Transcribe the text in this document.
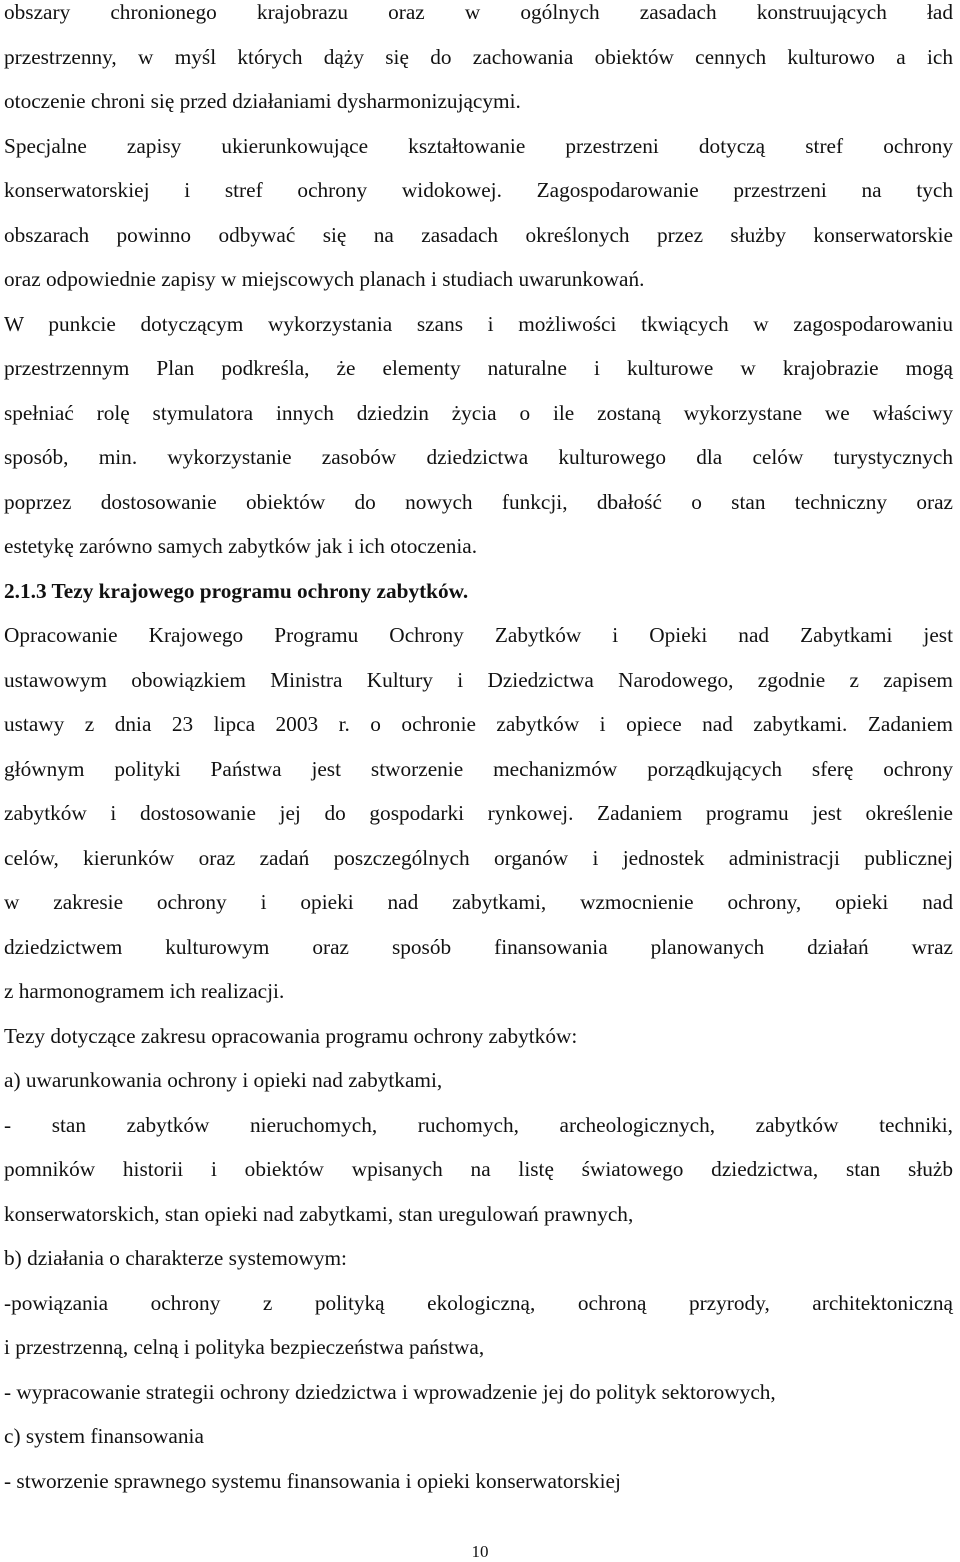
obszary chronionego krajobrazu oraz w ogólnych zasadach konstruujących ład
przestrzenny, w myśl których dąży się do zachowania obiektów cennych kulturowo a ich
otoczenie chroni się przed działaniami dysharmonizującymi.
Specjalne zapisy ukierunkowujące kształtowanie przestrzeni dotyczą stref ochrony
konserwatorskiej i stref ochrony widokowej. Zagospodarowanie przestrzeni na tych
obszarach powinno odbywać się na zasadach określonych przez służby konserwatorskie
oraz odpowiednie zapisy w miejscowych planach i studiach uwarunkowań.
W punkcie dotyczącym wykorzystania szans i możliwości tkwiących w zagospodarowaniu
przestrzennym Plan podkreśla, że elementy naturalne i kulturowe w krajobrazie mogą
spełniać rolę stymulatora innych dziedzin życia o ile zostaną wykorzystane we właściwy
sposób, min. wykorzystanie zasobów dziedzictwa kulturowego dla celów turystycznych
poprzez dostosowanie obiektów do nowych funkcji, dbałość o stan techniczny oraz
estetykę zarówno samych zabytków jak i ich otoczenia.
2.1.3 Tezy krajowego programu ochrony zabytków.
Opracowanie Krajowego Programu Ochrony Zabytków i Opieki nad Zabytkami jest
ustawowym obowiązkiem Ministra Kultury i Dziedzictwa Narodowego, zgodnie z zapisem
ustawy z dnia 23 lipca 2003 r. o ochronie zabytków i opiece nad zabytkami. Zadaniem
głównym polityki Państwa jest stworzenie mechanizmów porządkujących sferę ochrony
zabytków i dostosowanie jej do gospodarki rynkowej. Zadaniem programu jest określenie
celów, kierunków oraz zadań poszczególnych organów i jednostek administracji publicznej
w zakresie ochrony i opieki nad zabytkami, wzmocnienie ochrony, opieki nad
dziedzictwem kulturowym oraz sposób finansowania planowanych działań wraz
z harmonogramem ich realizacji.
Tezy dotyczące zakresu opracowania programu ochrony zabytków:
a) uwarunkowania ochrony i opieki nad zabytkami,
- stan zabytków nieruchomych, ruchomych, archeologicznych, zabytków techniki,
pomników historii i obiektów wpisanych na listę światowego dziedzictwa, stan służb
konserwatorskich, stan opieki nad zabytkami, stan uregulowań prawnych,
b) działania o charakterze systemowym:
-powiązania ochrony z polityką ekologiczną, ochroną przyrody, architektoniczną
i przestrzenną, celną i polityka bezpieczeństwa państwa,
- wypracowanie strategii ochrony dziedzictwa i wprowadzenie jej do polityk sektorowych,
c) system finansowania
- stworzenie sprawnego systemu finansowania i opieki konserwatorskiej
10
